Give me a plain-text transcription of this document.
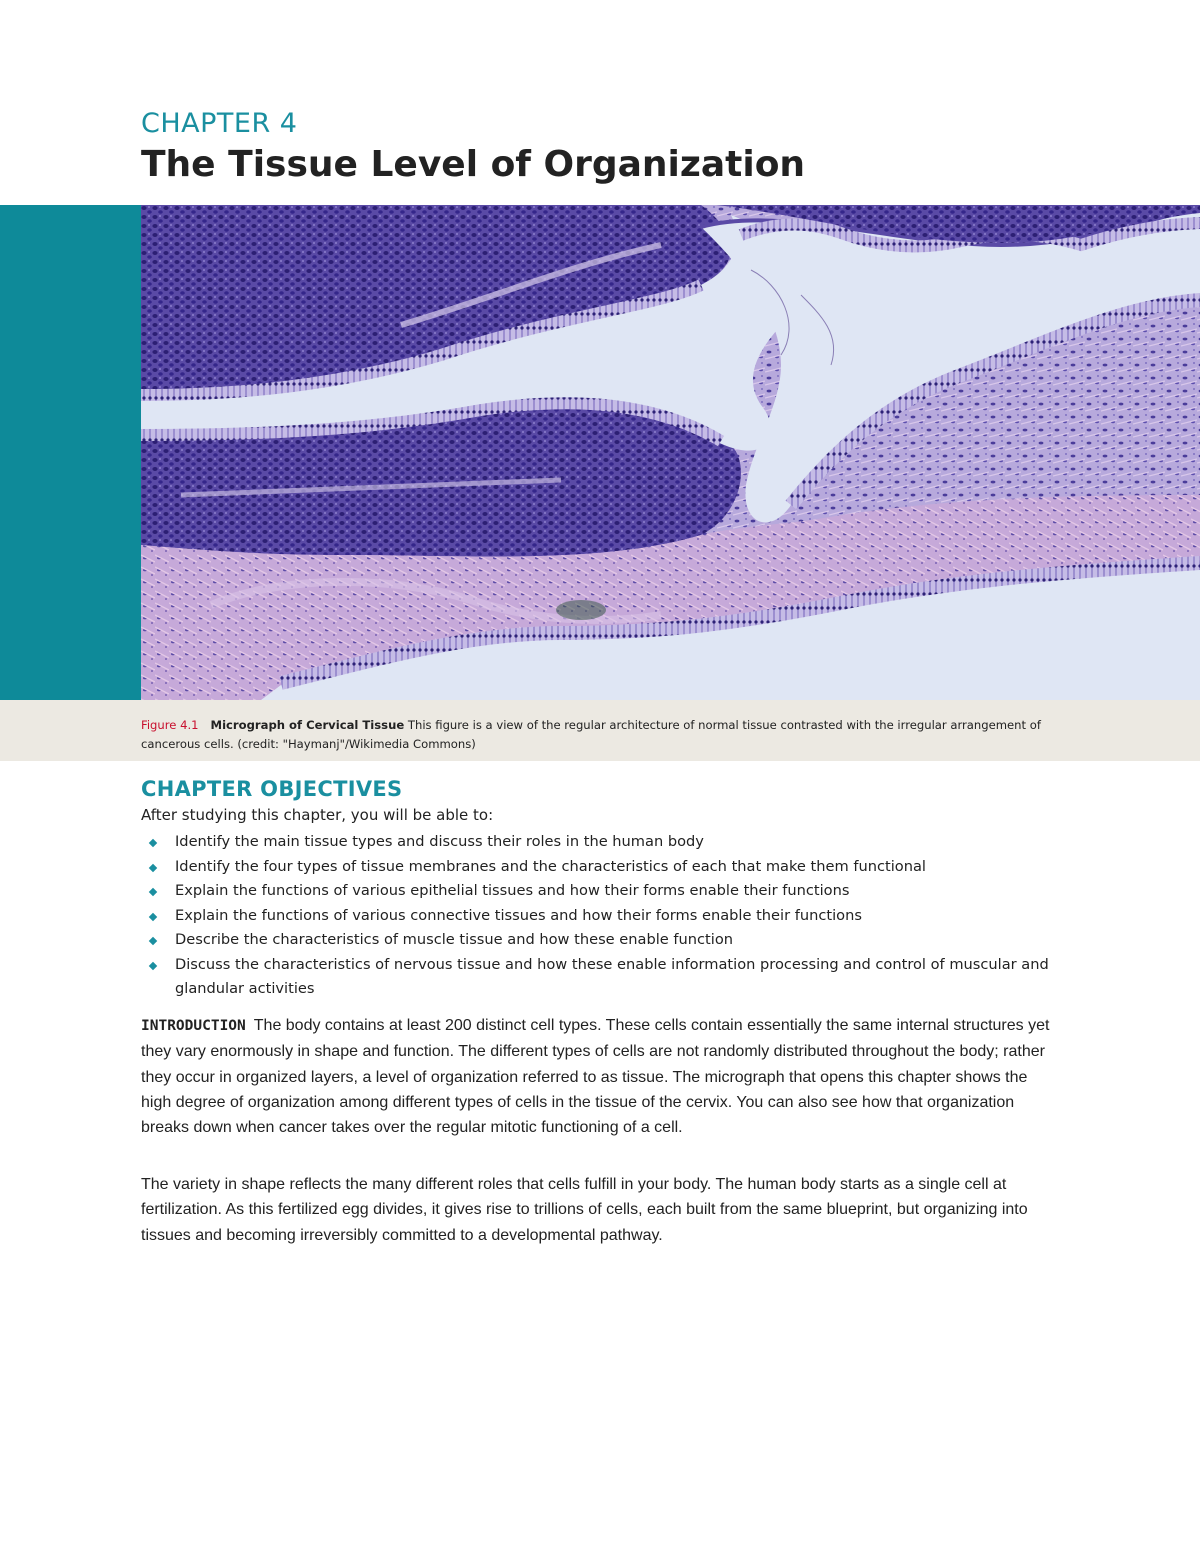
CHAPTER 4
The Tissue Level of Organization

Figure 4.1 Micrograph of Cervical Tissue This figure is a view of the regular architecture of normal tissue contrasted with the irregular arrangement of cancerous cells. (credit: "Haymanj"/Wikimedia Commons)

CHAPTER OBJECTIVES

After studying this chapter, you will be able to:

Identify the main tissue types and discuss their roles in the human body
Identify the four types of tissue membranes and the characteristics of each that make them functional
Explain the functions of various epithelial tissues and how their forms enable their functions
Explain the functions of various connective tissues and how their forms enable their functions
Describe the characteristics of muscle tissue and how these enable function
Discuss the characteristics of nervous tissue and how these enable information processing and control of muscular and glandular activities

INTRODUCTION The body contains at least 200 distinct cell types. These cells contain essentially the same internal structures yet they vary enormously in shape and function. The different types of cells are not randomly distributed throughout the body; rather they occur in organized layers, a level of organization referred to as tissue. The micrograph that opens this chapter shows the high degree of organization among different types of cells in the tissue of the cervix. You can also see how that organization breaks down when cancer takes over the regular mitotic functioning of a cell.

The variety in shape reflects the many different roles that cells fulfill in your body. The human body starts as a single cell at fertilization. As this fertilized egg divides, it gives rise to trillions of cells, each built from the same blueprint, but organizing into tissues and becoming irreversibly committed to a developmental pathway.
